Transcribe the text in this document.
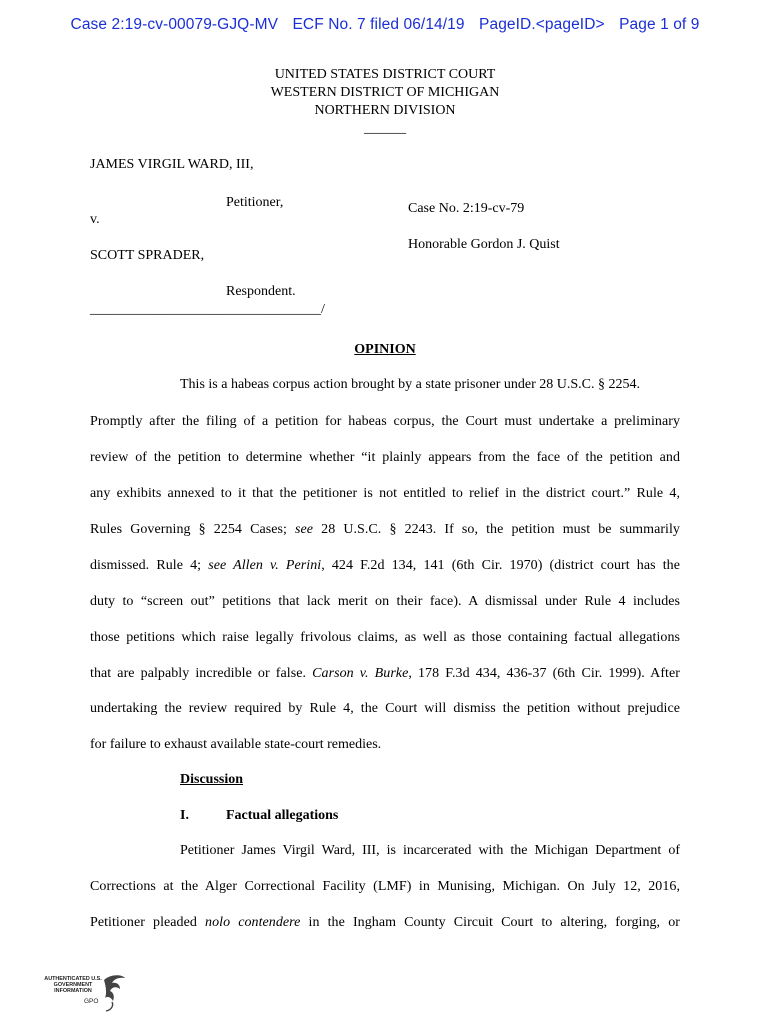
Case 2:19-cv-00079-GJQ-MV ECF No. 7 filed 06/14/19 PageID.<pageID> Page 1 of 9
UNITED STATES DISTRICT COURT
WESTERN DISTRICT OF MICHIGAN
NORTHERN DIVISION
______
JAMES VIRGIL WARD, III,
Petitioner,	Case No. 2:19-cv-79
v.
Honorable Gordon J. Quist
SCOTT SPRADER,
Respondent.
_________________________________/
OPINION
This is a habeas corpus action brought by a state prisoner under 28 U.S.C. § 2254.
Promptly after the filing of a petition for habeas corpus, the Court must undertake a preliminary
review of the petition to determine whether “it plainly appears from the face of the petition and
any exhibits annexed to it that the petitioner is not entitled to relief in the district court.” Rule 4,
Rules Governing § 2254 Cases; see 28 U.S.C. § 2243. If so, the petition must be summarily
dismissed. Rule 4; see Allen v. Perini, 424 F.2d 134, 141 (6th Cir. 1970) (district court has the
duty to “screen out” petitions that lack merit on their face). A dismissal under Rule 4 includes
those petitions which raise legally frivolous claims, as well as those containing factual allegations
that are palpably incredible or false. Carson v. Burke, 178 F.3d 434, 436-37 (6th Cir. 1999). After
undertaking the review required by Rule 4, the Court will dismiss the petition without prejudice
for failure to exhaust available state-court remedies.
Discussion
I.	Factual allegations
Petitioner James Virgil Ward, III, is incarcerated with the Michigan Department of
Corrections at the Alger Correctional Facility (LMF) in Munising, Michigan. On July 12, 2016,
Petitioner pleaded nolo contendere in the Ingham County Circuit Court to altering, forging, or
AUTHENTICATED U.S. GOVERNMENT INFORMATION
GPO
